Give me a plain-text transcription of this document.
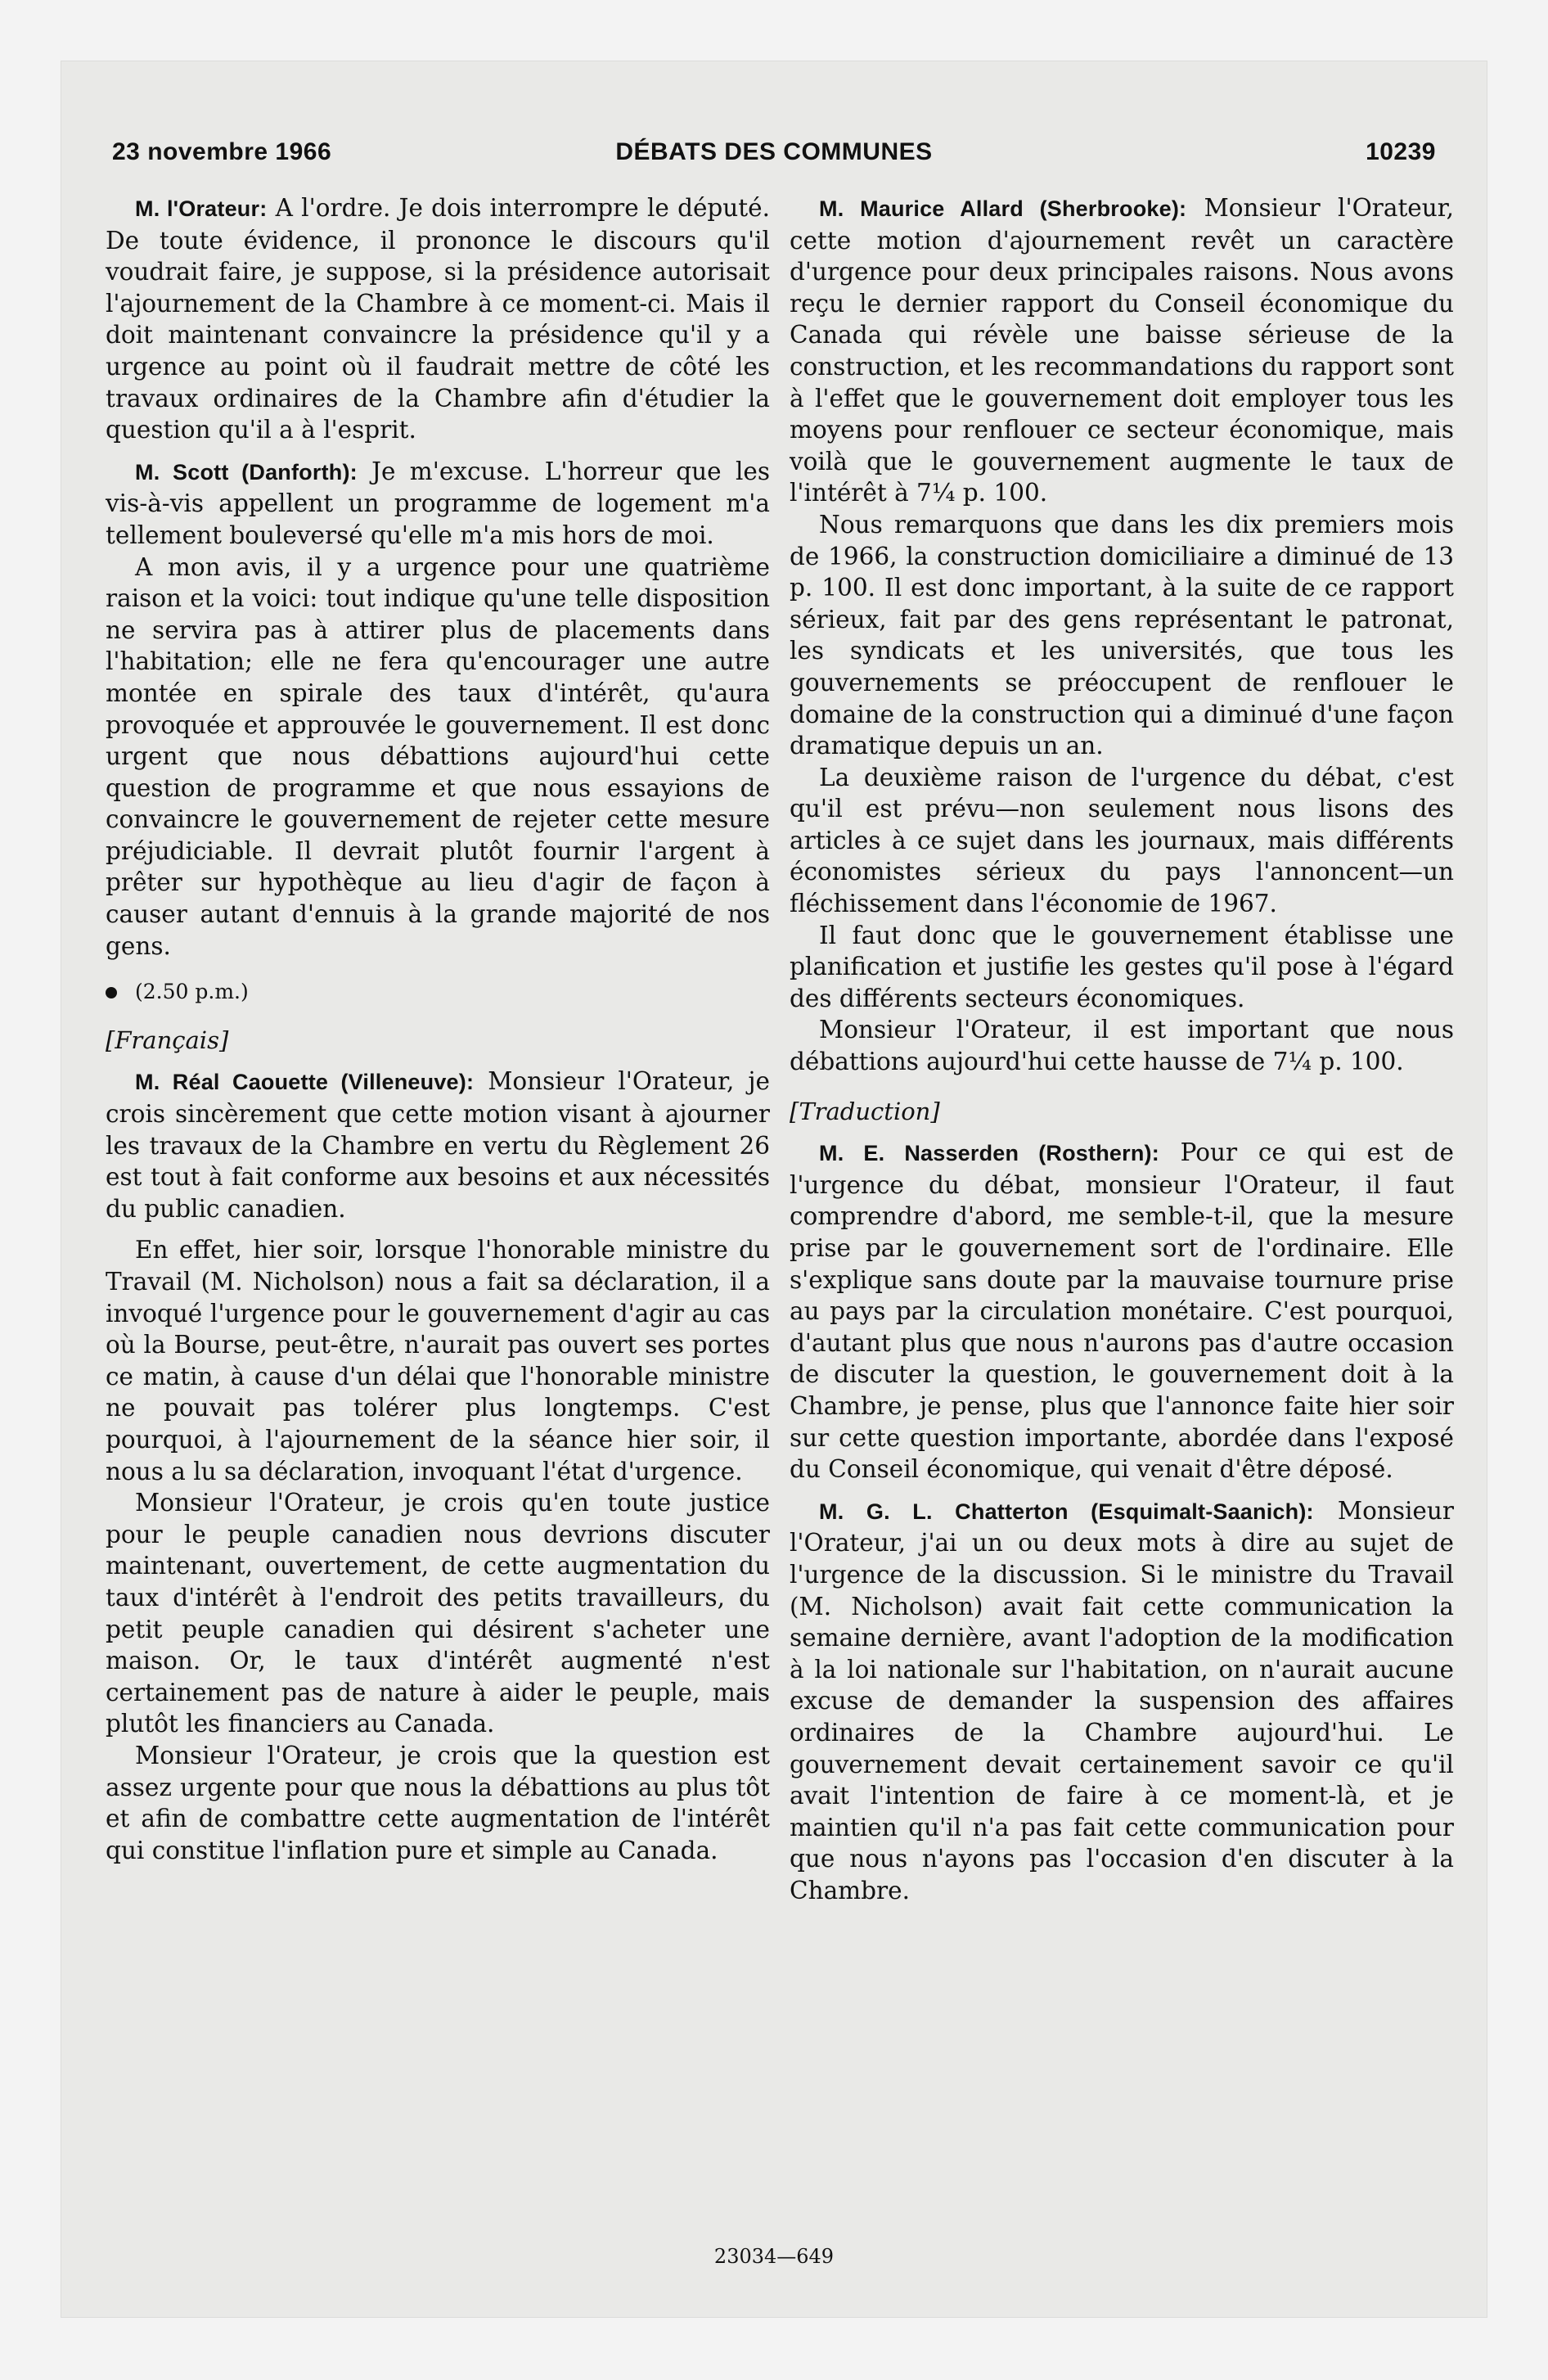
23 novembre 1966	DÉBATS DES COMMUNES	10239

M. l'Orateur: A l'ordre. Je dois interrompre le député. De toute évidence, il prononce le discours qu'il voudrait faire, je suppose, si la présidence autorisait l'ajournement de la Chambre à ce moment-ci. Mais il doit maintenant convaincre la présidence qu'il y a urgence au point où il faudrait mettre de côté les travaux ordinaires de la Chambre afin d'étudier la question qu'il a à l'esprit.

M. Scott (Danforth): Je m'excuse. L'horreur que les vis-à-vis appellent un programme de logement m'a tellement bouleversé qu'elle m'a mis hors de moi.

A mon avis, il y a urgence pour une quatrième raison et la voici: tout indique qu'une telle disposition ne servira pas à attirer plus de placements dans l'habitation; elle ne fera qu'encourager une autre montée en spirale des taux d'intérêt, qu'aura provoquée et approuvée le gouvernement. Il est donc urgent que nous débattions aujourd'hui cette question de programme et que nous essayions de convaincre le gouvernement de rejeter cette mesure préjudiciable. Il devrait plutôt fournir l'argent à prêter sur hypothèque au lieu d'agir de façon à causer autant d'ennuis à la grande majorité de nos gens.

(2.50 p.m.)
[Français]

M. Réal Caouette (Villeneuve): Monsieur l'Orateur, je crois sincèrement que cette motion visant à ajourner les travaux de la Chambre en vertu du Règlement 26 est tout à fait conforme aux besoins et aux nécessités du public canadien.

En effet, hier soir, lorsque l'honorable ministre du Travail (M. Nicholson) nous a fait sa déclaration, il a invoqué l'urgence pour le gouvernement d'agir au cas où la Bourse, peut-être, n'aurait pas ouvert ses portes ce matin, à cause d'un délai que l'honorable ministre ne pouvait pas tolérer plus longtemps. C'est pourquoi, à l'ajournement de la séance hier soir, il nous a lu sa déclaration, invoquant l'état d'urgence.

Monsieur l'Orateur, je crois qu'en toute justice pour le peuple canadien nous devrions discuter maintenant, ouvertement, de cette augmentation du taux d'intérêt à l'endroit des petits travailleurs, du petit peuple canadien qui désirent s'acheter une maison. Or, le taux d'intérêt augmenté n'est certainement pas de nature à aider le peuple, mais plutôt les financiers au Canada.

Monsieur l'Orateur, je crois que la question est assez urgente pour que nous la débattions au plus tôt et afin de combattre cette augmentation de l'intérêt qui constitue l'inflation pure et simple au Canada.

M. Maurice Allard (Sherbrooke): Monsieur l'Orateur, cette motion d'ajournement revêt un caractère d'urgence pour deux principales raisons. Nous avons reçu le dernier rapport du Conseil économique du Canada qui révèle une baisse sérieuse de la construction, et les recommandations du rapport sont à l'effet que le gouvernement doit employer tous les moyens pour renflouer ce secteur économique, mais voilà que le gouvernement augmente le taux de l'intérêt à 7¼ p. 100.

Nous remarquons que dans les dix premiers mois de 1966, la construction domiciliaire a diminué de 13 p. 100. Il est donc important, à la suite de ce rapport sérieux, fait par des gens représentant le patronat, les syndicats et les universités, que tous les gouvernements se préoccupent de renflouer le domaine de la construction qui a diminué d'une façon dramatique depuis un an.

La deuxième raison de l'urgence du débat, c'est qu'il est prévu—non seulement nous lisons des articles à ce sujet dans les journaux, mais différents économistes sérieux du pays l'annoncent—un fléchissement dans l'économie de 1967.

Il faut donc que le gouvernement établisse une planification et justifie les gestes qu'il pose à l'égard des différents secteurs économiques.

Monsieur l'Orateur, il est important que nous débattions aujourd'hui cette hausse de 7¼ p. 100.

[Traduction]

M. E. Nasserden (Rosthern): Pour ce qui est de l'urgence du débat, monsieur l'Orateur, il faut comprendre d'abord, me semble-t-il, que la mesure prise par le gouvernement sort de l'ordinaire. Elle s'explique sans doute par la mauvaise tournure prise au pays par la circulation monétaire. C'est pourquoi, d'autant plus que nous n'aurons pas d'autre occasion de discuter la question, le gouvernement doit à la Chambre, je pense, plus que l'annonce faite hier soir sur cette question importante, abordée dans l'exposé du Conseil économique, qui venait d'être déposé.

M. G. L. Chatterton (Esquimalt-Saanich): Monsieur l'Orateur, j'ai un ou deux mots à dire au sujet de l'urgence de la discussion. Si le ministre du Travail (M. Nicholson) avait fait cette communication la semaine dernière, avant l'adoption de la modification à la loi nationale sur l'habitation, on n'aurait aucune excuse de demander la suspension des affaires ordinaires de la Chambre aujourd'hui. Le gouvernement devait certainement savoir ce qu'il avait l'intention de faire à ce moment-là, et je maintien qu'il n'a pas fait cette communication pour que nous n'ayons pas l'occasion d'en discuter à la Chambre.

23034—649
